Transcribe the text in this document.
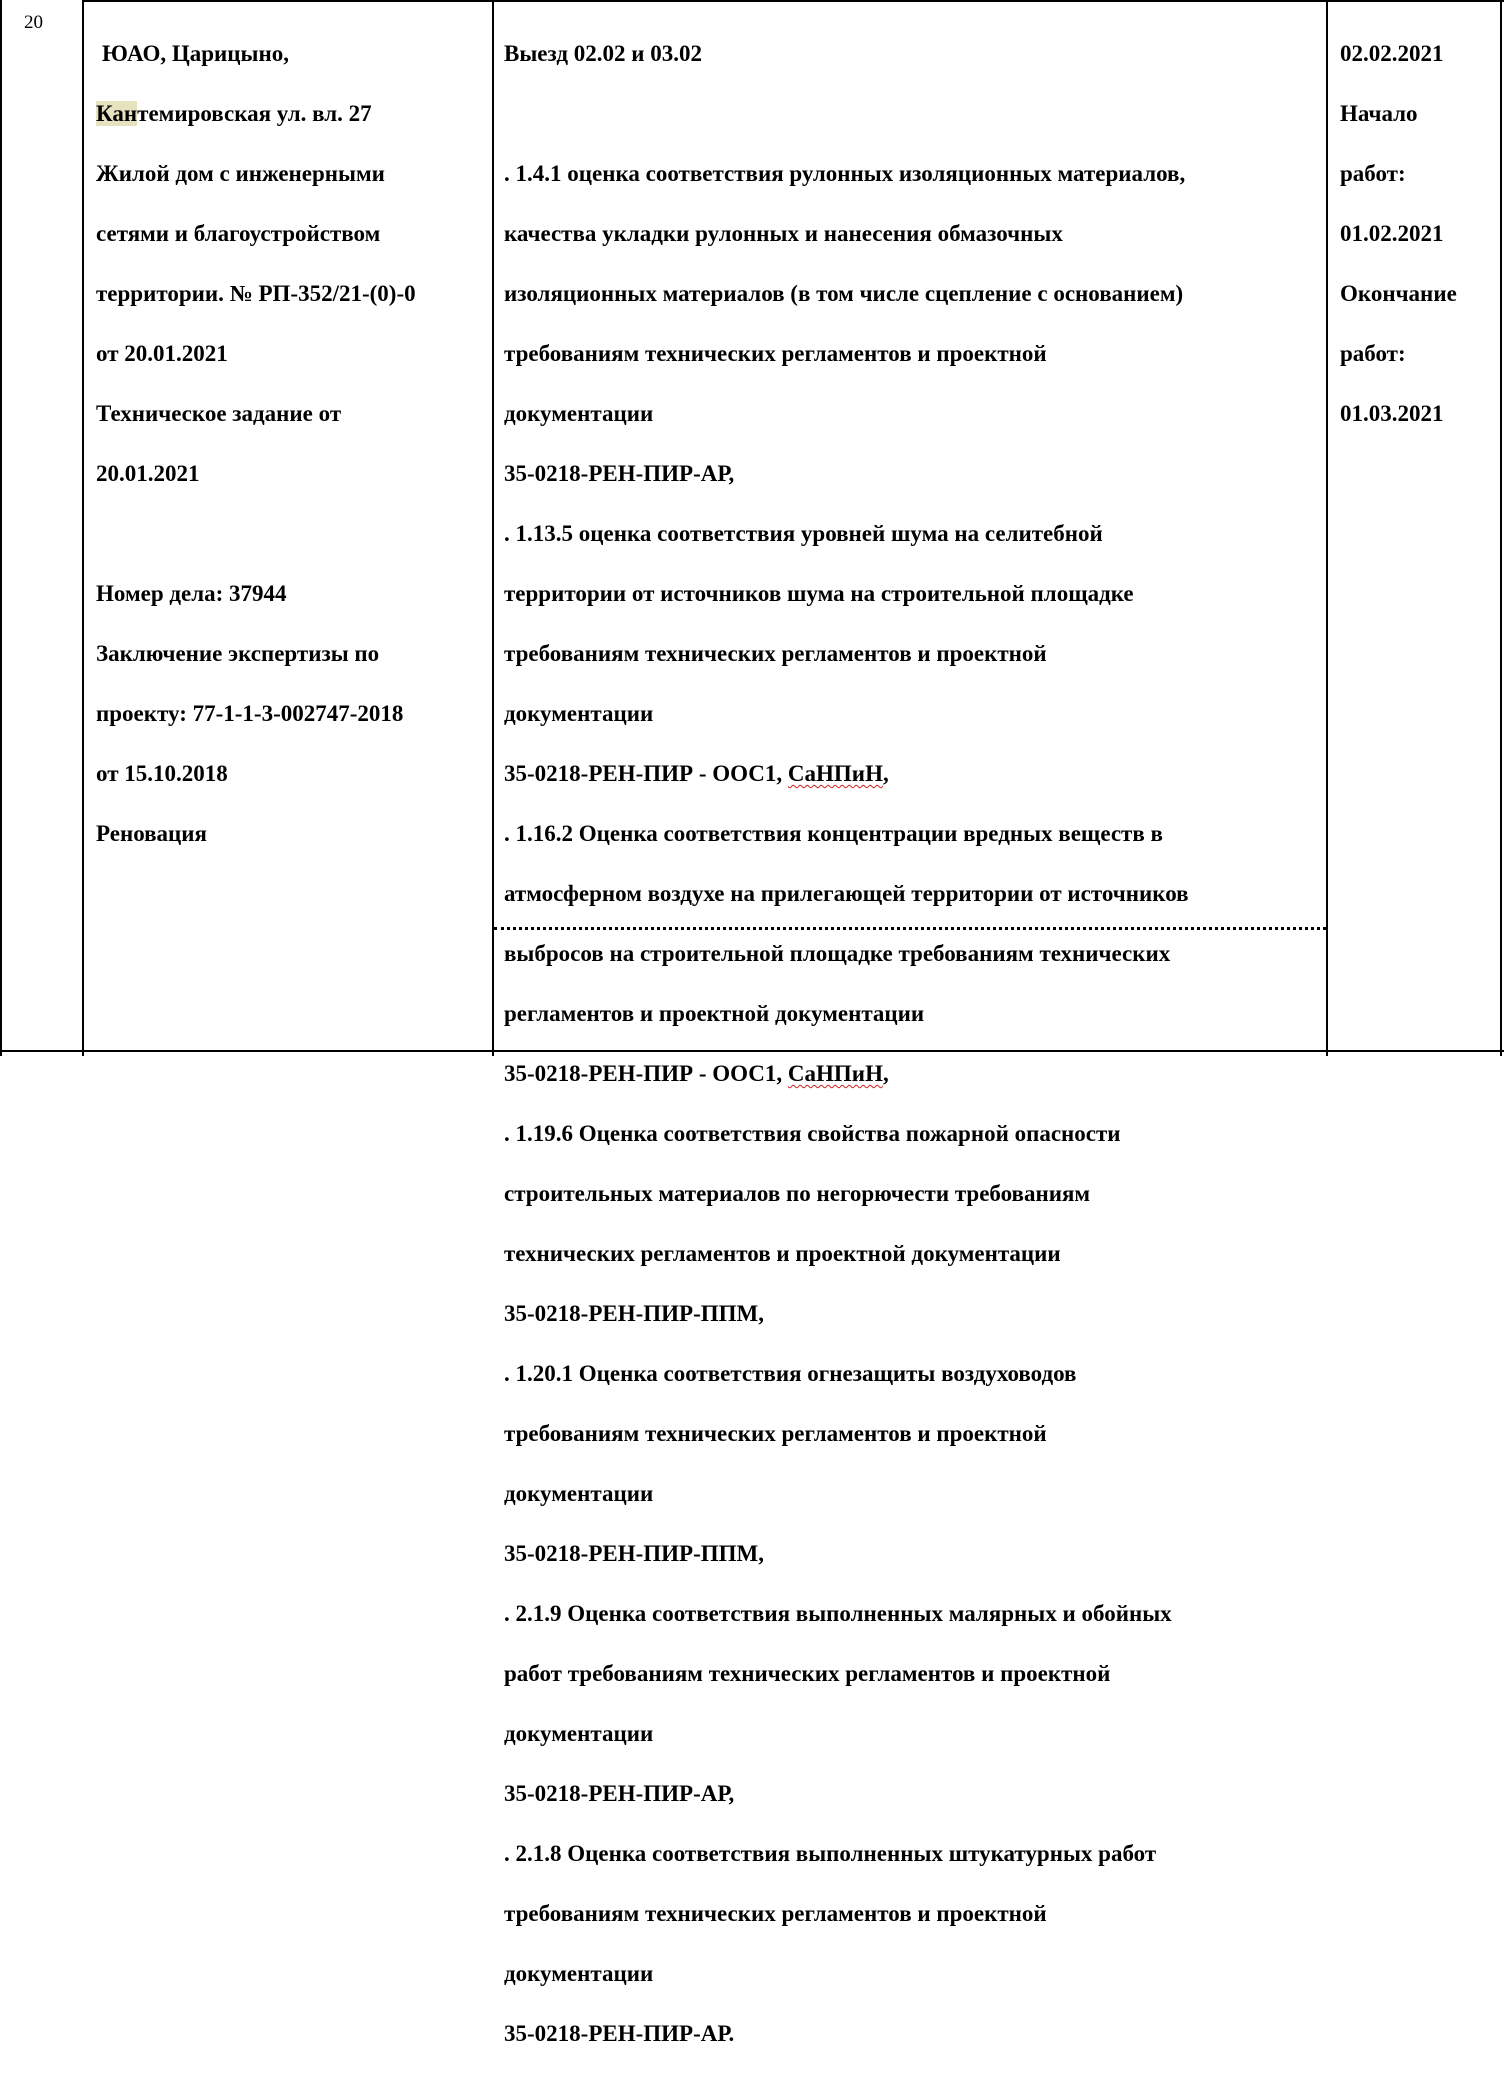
20

ЮАО, Царицыно,

Кантемировская ул. вл. 27

Жилой дом с инженерными

сетями и благоустройством

территории. № РП-352/21-(0)-0

от 20.01.2021

Техническое задание от

20.01.2021

Номер дела: 37944

Заключение экспертизы по

проекту: 77-1-1-3-002747-2018

от 15.10.2018

Реновация

Выезд 02.02 и 03.02

. 1.4.1 оценка соответствия рулонных изоляционных материалов,

качества укладки рулонных и нанесения обмазочных

изоляционных материалов (в том числе сцепление с основанием)

требованиям технических регламентов и проектной

документации

35-0218-РЕН-ПИР-АР,

. 1.13.5 оценка соответствия уровней шума на селитебной

территории от источников шума на строительной площадке

требованиям технических регламентов и проектной

документации

35-0218-РЕН-ПИР - ООС1, СаНПиН,

. 1.16.2 Оценка соответствия концентрации вредных веществ в

атмосферном воздухе на прилегающей территории от источников

выбросов на строительной площадке требованиям технических

регламентов и проектной документации

35-0218-РЕН-ПИР - ООС1, СаНПиН,

. 1.19.6 Оценка соответствия свойства пожарной опасности

строительных материалов по негорючести требованиям

технических регламентов и проектной документации

35-0218-РЕН-ПИР-ППМ,

. 1.20.1 Оценка соответствия огнезащиты воздуховодов

требованиям технических регламентов и проектной

документации

35-0218-РЕН-ПИР-ППМ,

. 2.1.9 Оценка соответствия выполненных малярных и обойных

работ требованиям технических регламентов и проектной

документации

35-0218-РЕН-ПИР-АР,

. 2.1.8 Оценка соответствия выполненных штукатурных работ

требованиям технических регламентов и проектной

документации

35-0218-РЕН-ПИР-АР.

02.02.2021

Начало

работ:

01.02.2021

Окончание

работ:

01.03.2021
